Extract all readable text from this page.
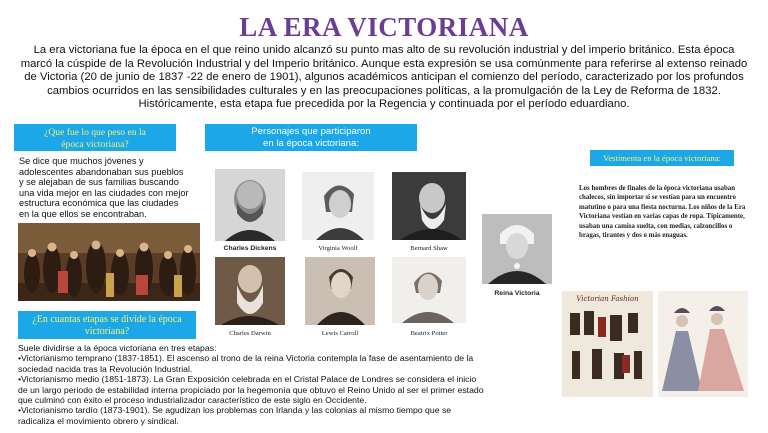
LA ERA VICTORIANA
La era victoriana fue la época en el que reino unido alcanzó su punto mas alto de su revolución industrial y del imperio británico. Esta época marcó la cúspide de la Revolución Industrial y del Imperio británico. Aunque esta expresión se usa comúnmente para referirse al extenso reinado de Victoria (20 de junio de 1837 -22 de enero de 1901), algunos académicos anticipan el comienzo del período, caracterizado por los profundos cambios ocurridos en las sensibilidades culturales y en las preocupaciones políticas, a la promulgación de la Ley de Reforma de 1832. Históricamente, esta etapa fue precedida por la Regencia y continuada por el período eduardiano.
¿Que fue lo que peso en la época victoriana?
Se dice que muchos jóvenes y adolescentes abandonaban sus pueblos y se alejaban de sus familias buscando una vida mejor en las ciudades con mejor estructura económica que las ciudades en la que ellos se encontraban.
¿En cuantas etapas se divide la época victoriana?
Suele dividirse a la época victoriana en tres etapas:
•Victorianismo temprano (1837-1851). El ascenso al trono de la reina Victoria contempla la fase de asentamiento de la sociedad nacida tras la Revolución Industrial.
•Victorianismo medio (1851-1873). La Gran Exposición celebrada en el Cristal Palace de Londres se considera el inicio de un largo periodo de estabilidad interna propiciado por la hegemonía que obtuvo el Reino Unido al ser el primer estado que culminó con éxito el proceso industrializador característico de este siglo en Occidente.
•Victorianismo tardío (1873-1901). Se agudizan los problemas con Irlanda y las colonias al mismo tiempo que se radicaliza el movimiento obrero y sindical.
Personajes que participaron
en la época victoriana:
Charles Dickens	Virginia Woolf	Bernard Shaw
Charles Darwin	Lewis Carroll	Beatrix Potter
Reina Victoria
Vestimenta en la época victoriana:
Los hombres de finales de la época victoriana usaban chalecos, sin importar si se vestían para un encuentro matutino o para una fiesta nocturna. Los niños de la Era Victoriana vestían en varias capas de ropa. Típicamente, usaban una camisa suelta, con medias, calzoncillos o bragas, tirantes y dos o más enaguas.
Victorian Fashion
